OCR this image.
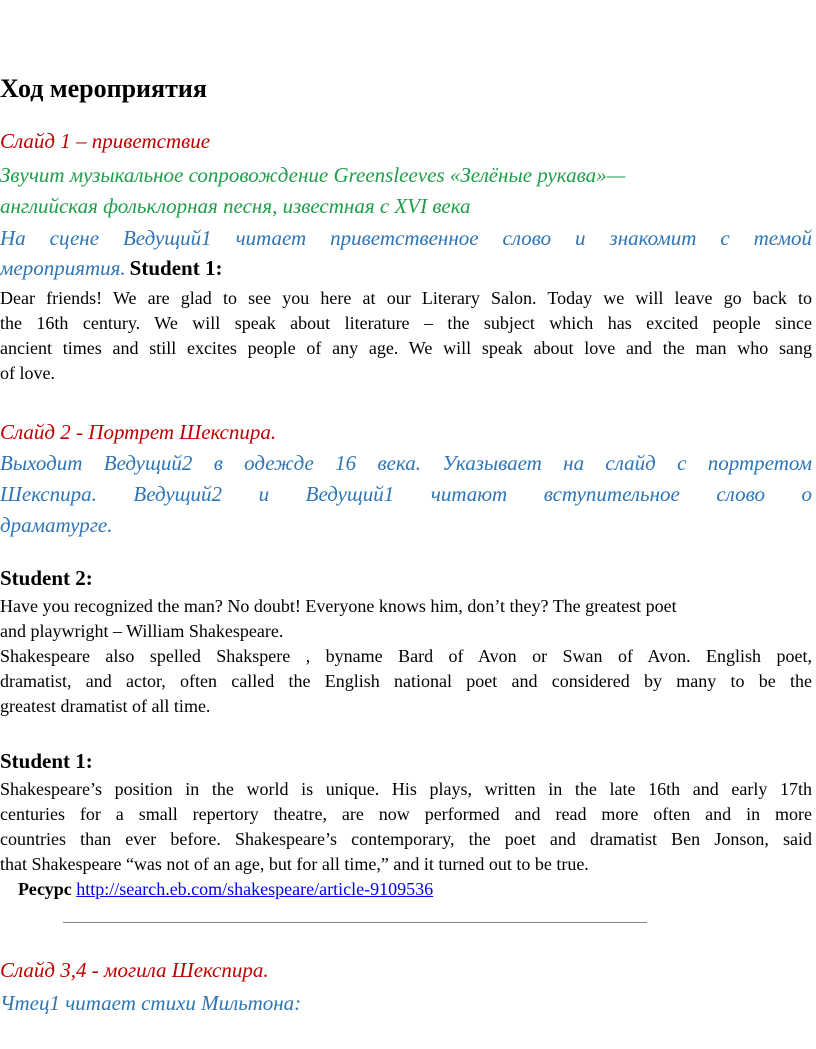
Ход мероприятия
Слайд 1 – приветствие
Звучит музыкальное сопровождение Greensleeves «Зелёные рукава»—
английская фольклорная песня, известная с XVI века
На сцене Ведущий1 читает приветственное слово и знакомит с темой
мероприятия. Student 1:
Dear friends! We are glad to see you here at our Literary Salon. Today we will leave go back to
the 16th century. We will speak about literature – the subject which has excited people since
ancient times and still excites people of any age. We will speak about love and the man who sang
of love.
Слайд 2 - Портрет Шекспира.
Выходит Ведущий2 в одежде 16 века. Указывает на слайд с портретом
Шекспира. Ведущий2 и Ведущий1 читают вступительное слово о
драматурге.
Student 2:
Have you recognized the man? No doubt! Everyone knows him, don’t they? The greatest poet
and playwright – William Shakespeare.
Shakespeare also spelled Shakspere , byname Bard of Avon or Swan of Avon. English poet,
dramatist, and actor, often called the English national poet and considered by many to be the
greatest dramatist of all time.
Student 1:
Shakespeare’s position in the world is unique. His plays, written in the late 16th and early 17th
centuries for a small repertory theatre, are now performed and read more often and in more
countries than ever before. Shakespeare’s contemporary, the poet and dramatist Ben Jonson, said
that Shakespeare “was not of an age, but for all time,” and it turned out to be true.
Ресурс http://search.eb.com/shakespeare/article-9109536
Слайд 3,4 - могила Шекспира.
Чтец1 читает стихи Мильтона:
